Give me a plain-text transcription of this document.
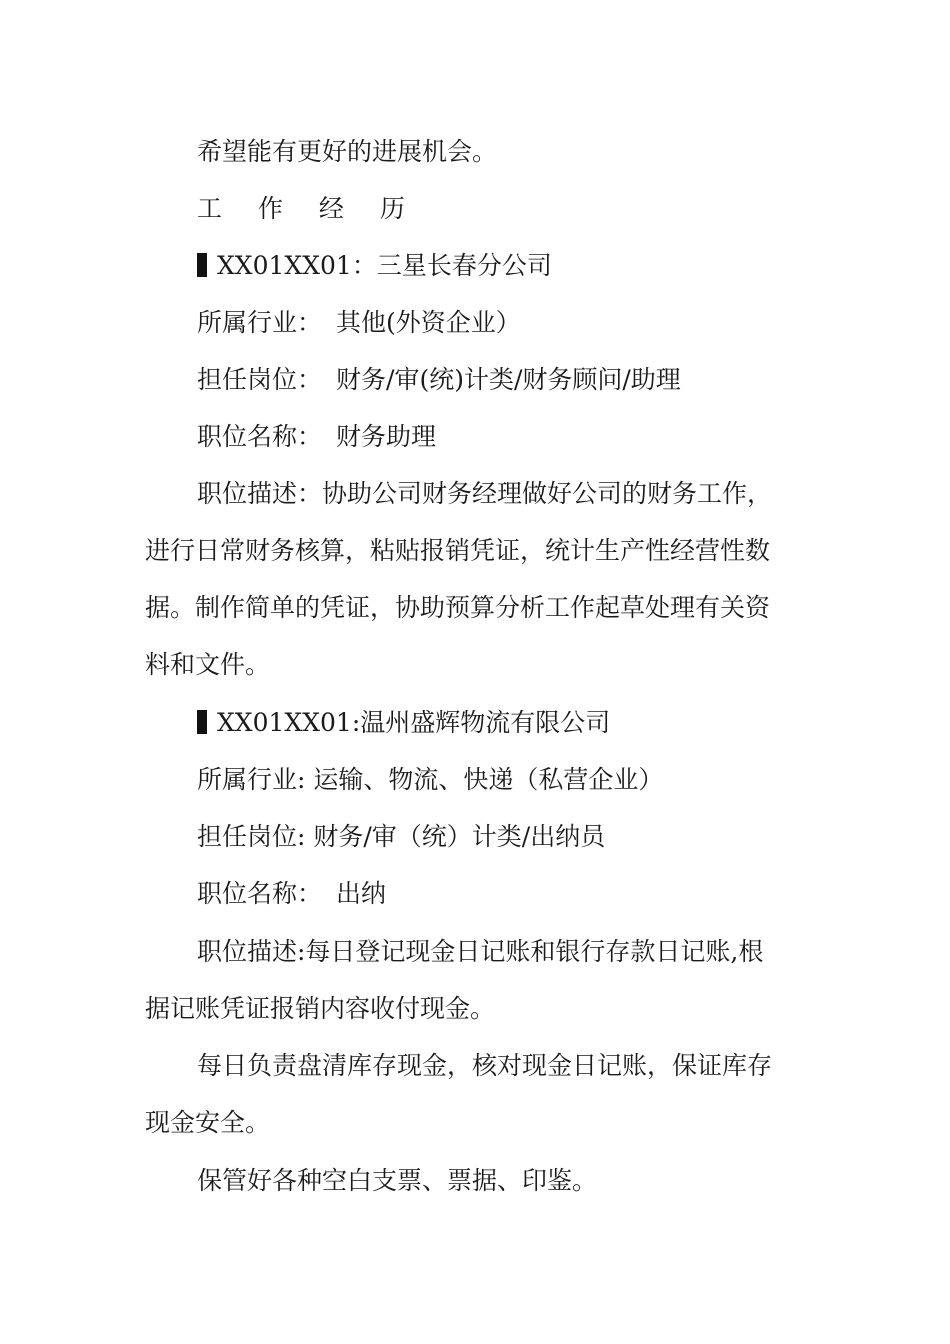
希望能有更好的进展机会。
工 作 经 历
XX01XX01：三星长春分公司
所属行业： 其他(外资企业）
担任岗位： 财务/审(统)计类/财务顾问/助理
职位名称： 财务助理
职位描述：协助公司财务经理做好公司的财务工作，
进行日常财务核算，粘贴报销凭证，统计生产性经营性数
据。制作简单的凭证，协助预算分析工作起草处理有关资
料和文件。
XX01XX01:温州盛辉物流有限公司
所属行业: 运输、物流、快递（私营企业）
担任岗位: 财务/审（统）计类/出纳员
职位名称： 出纳
职位描述:每日登记现金日记账和银行存款日记账,根
据记账凭证报销内容收付现金。
每日负责盘清库存现金，核对现金日记账，保证库存
现金安全。
保管好各种空白支票、票据、印鉴。
